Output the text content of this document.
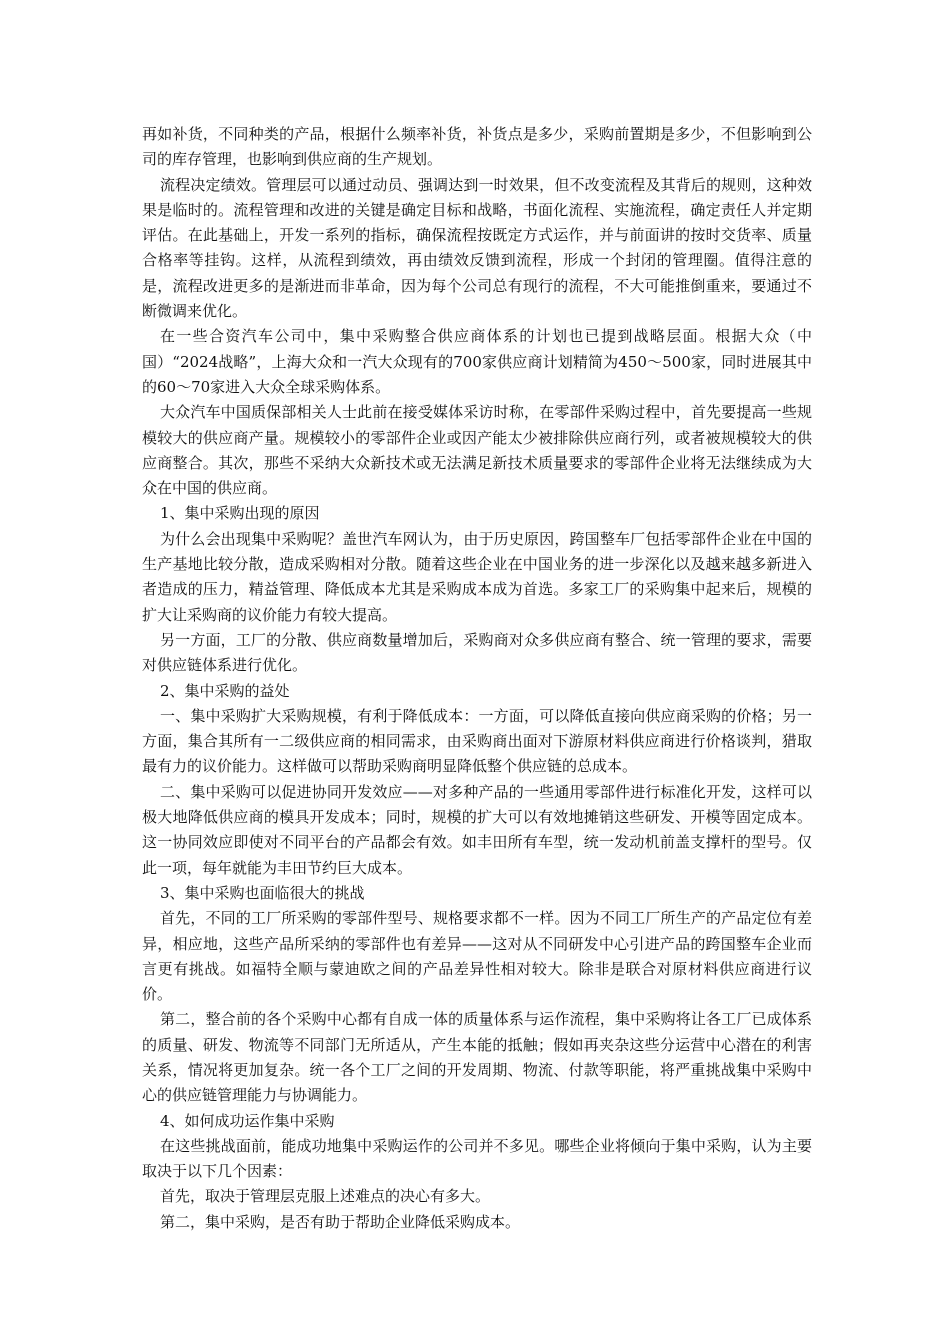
再如补货，不同种类的产品，根据什么频率补货，补货点是多少，采购前置期是多少，不但影响到公司的库存管理，也影响到供应商的生产规划。

流程决定绩效。管理层可以通过动员、强调达到一时效果，但不改变流程及其背后的规则，这种效果是临时的。流程管理和改进的关键是确定目标和战略，书面化流程、实施流程，确定责任人并定期评估。在此基础上，开发一系列的指标，确保流程按既定方式运作，并与前面讲的按时交货率、质量合格率等挂钩。这样，从流程到绩效，再由绩效反馈到流程，形成一个封闭的管理圈。值得注意的是，流程改进更多的是渐进而非革命，因为每个公司总有现行的流程，不大可能推倒重来，要通过不断微调来优化。

在一些合资汽车公司中，集中采购整合供应商体系的计划也已提到战略层面。根据大众（中国）“2024战略”，上海大众和一汽大众现有的700家供应商计划精简为450～500家，同时进展其中的60～70家进入大众全球采购体系。

大众汽车中国质保部相关人士此前在接受媒体采访时称，在零部件采购过程中，首先要提高一些规模较大的供应商产量。规模较小的零部件企业或因产能太少被排除供应商行列，或者被规模较大的供应商整合。其次，那些不采纳大众新技术或无法满足新技术质量要求的零部件企业将无法继续成为大众在中国的供应商。

1、集中采购出现的原因

为什么会出现集中采购呢？盖世汽车网认为，由于历史原因，跨国整车厂包括零部件企业在中国的生产基地比较分散，造成采购相对分散。随着这些企业在中国业务的进一步深化以及越来越多新进入者造成的压力，精益管理、降低成本尤其是采购成本成为首选。多家工厂的采购集中起来后，规模的扩大让采购商的议价能力有较大提高。

另一方面，工厂的分散、供应商数量增加后，采购商对众多供应商有整合、统一管理的要求，需要对供应链体系进行优化。

2、集中采购的益处

一、集中采购扩大采购规模，有利于降低成本：一方面，可以降低直接向供应商采购的价格；另一方面，集合其所有一二级供应商的相同需求，由采购商出面对下游原材料供应商进行价格谈判，猎取最有力的议价能力。这样做可以帮助采购商明显降低整个供应链的总成本。

二、集中采购可以促进协同开发效应——对多种产品的一些通用零部件进行标准化开发，这样可以极大地降低供应商的模具开发成本；同时，规模的扩大可以有效地摊销这些研发、开模等固定成本。这一协同效应即使对不同平台的产品都会有效。如丰田所有车型，统一发动机前盖支撑杆的型号。仅此一项，每年就能为丰田节约巨大成本。

3、集中采购也面临很大的挑战

首先，不同的工厂所采购的零部件型号、规格要求都不一样。因为不同工厂所生产的产品定位有差异，相应地，这些产品所采纳的零部件也有差异——这对从不同研发中心引进产品的跨国整车企业而言更有挑战。如福特全顺与蒙迪欧之间的产品差异性相对较大。除非是联合对原材料供应商进行议价。

第二，整合前的各个采购中心都有自成一体的质量体系与运作流程，集中采购将让各工厂已成体系的质量、研发、物流等不同部门无所适从，产生本能的抵触；假如再夹杂这些分运营中心潜在的利害关系，情况将更加复杂。统一各个工厂之间的开发周期、物流、付款等职能，将严重挑战集中采购中心的供应链管理能力与协调能力。

4、如何成功运作集中采购

在这些挑战面前，能成功地集中采购运作的公司并不多见。哪些企业将倾向于集中采购，认为主要取决于以下几个因素：

首先，取决于管理层克服上述难点的决心有多大。

第二，集中采购，是否有助于帮助企业降低采购成本。
